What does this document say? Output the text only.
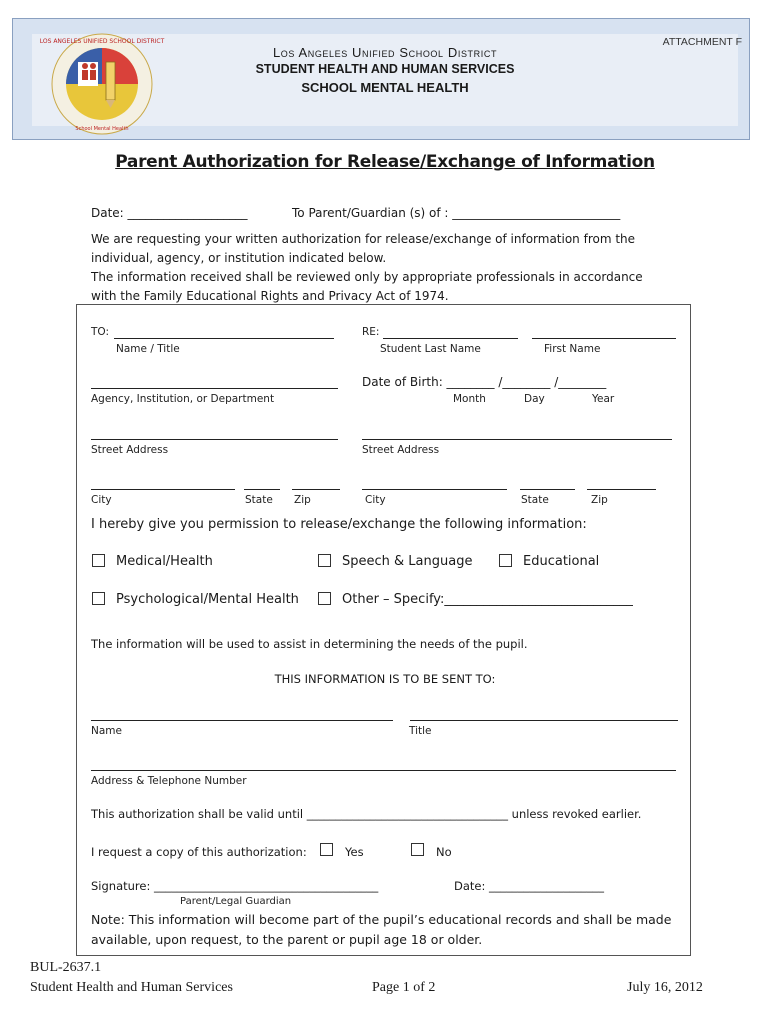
ATTACHMENT F
LOS ANGELES UNIFIED SCHOOL DISTRICT
School Mental Health
Los Angeles Unified School District
STUDENT HEALTH AND HUMAN SERVICES
SCHOOL MENTAL HEALTH
Parent Authorization for Release/Exchange of Information
Date: ____________________	To Parent/Guardian (s) of : ____________________________
We are requesting your written authorization for release/exchange of information from the
individual, agency, or institution indicated below.
The information received shall be reviewed only by appropriate professionals in accordance
with the Family Educational Rights and Privacy Act of 1974.
TO:
Name / Title
RE:
Student Last Name	First Name
Agency, Institution, or Department
Date of Birth: ________ /________ /________
Month	Day	Year
Street Address	Street Address
City	State Zip	City	State	Zip
I hereby give you permission to release/exchange the following information:
Medical/Health	Speech & Language	Educational
Psychological/Mental Health	Other – Specify:_____________________________
The information will be used to assist in determining the needs of the pupil.
THIS INFORMATION IS TO BE SENT TO:
Name	Title
Address & Telephone Number
This authorization shall be valid until ___________________________________ unless revoked earlier.
I request a copy of this authorization:	Yes	No
Signature: _______________________________________	Date: ____________________
Parent/Legal Guardian
Note: This information will become part of the pupil’s educational records and shall be made
available, upon request, to the parent or pupil age 18 or older.
BUL-2637.1
Student Health and Human Services	Page 1 of 2	July 16, 2012
